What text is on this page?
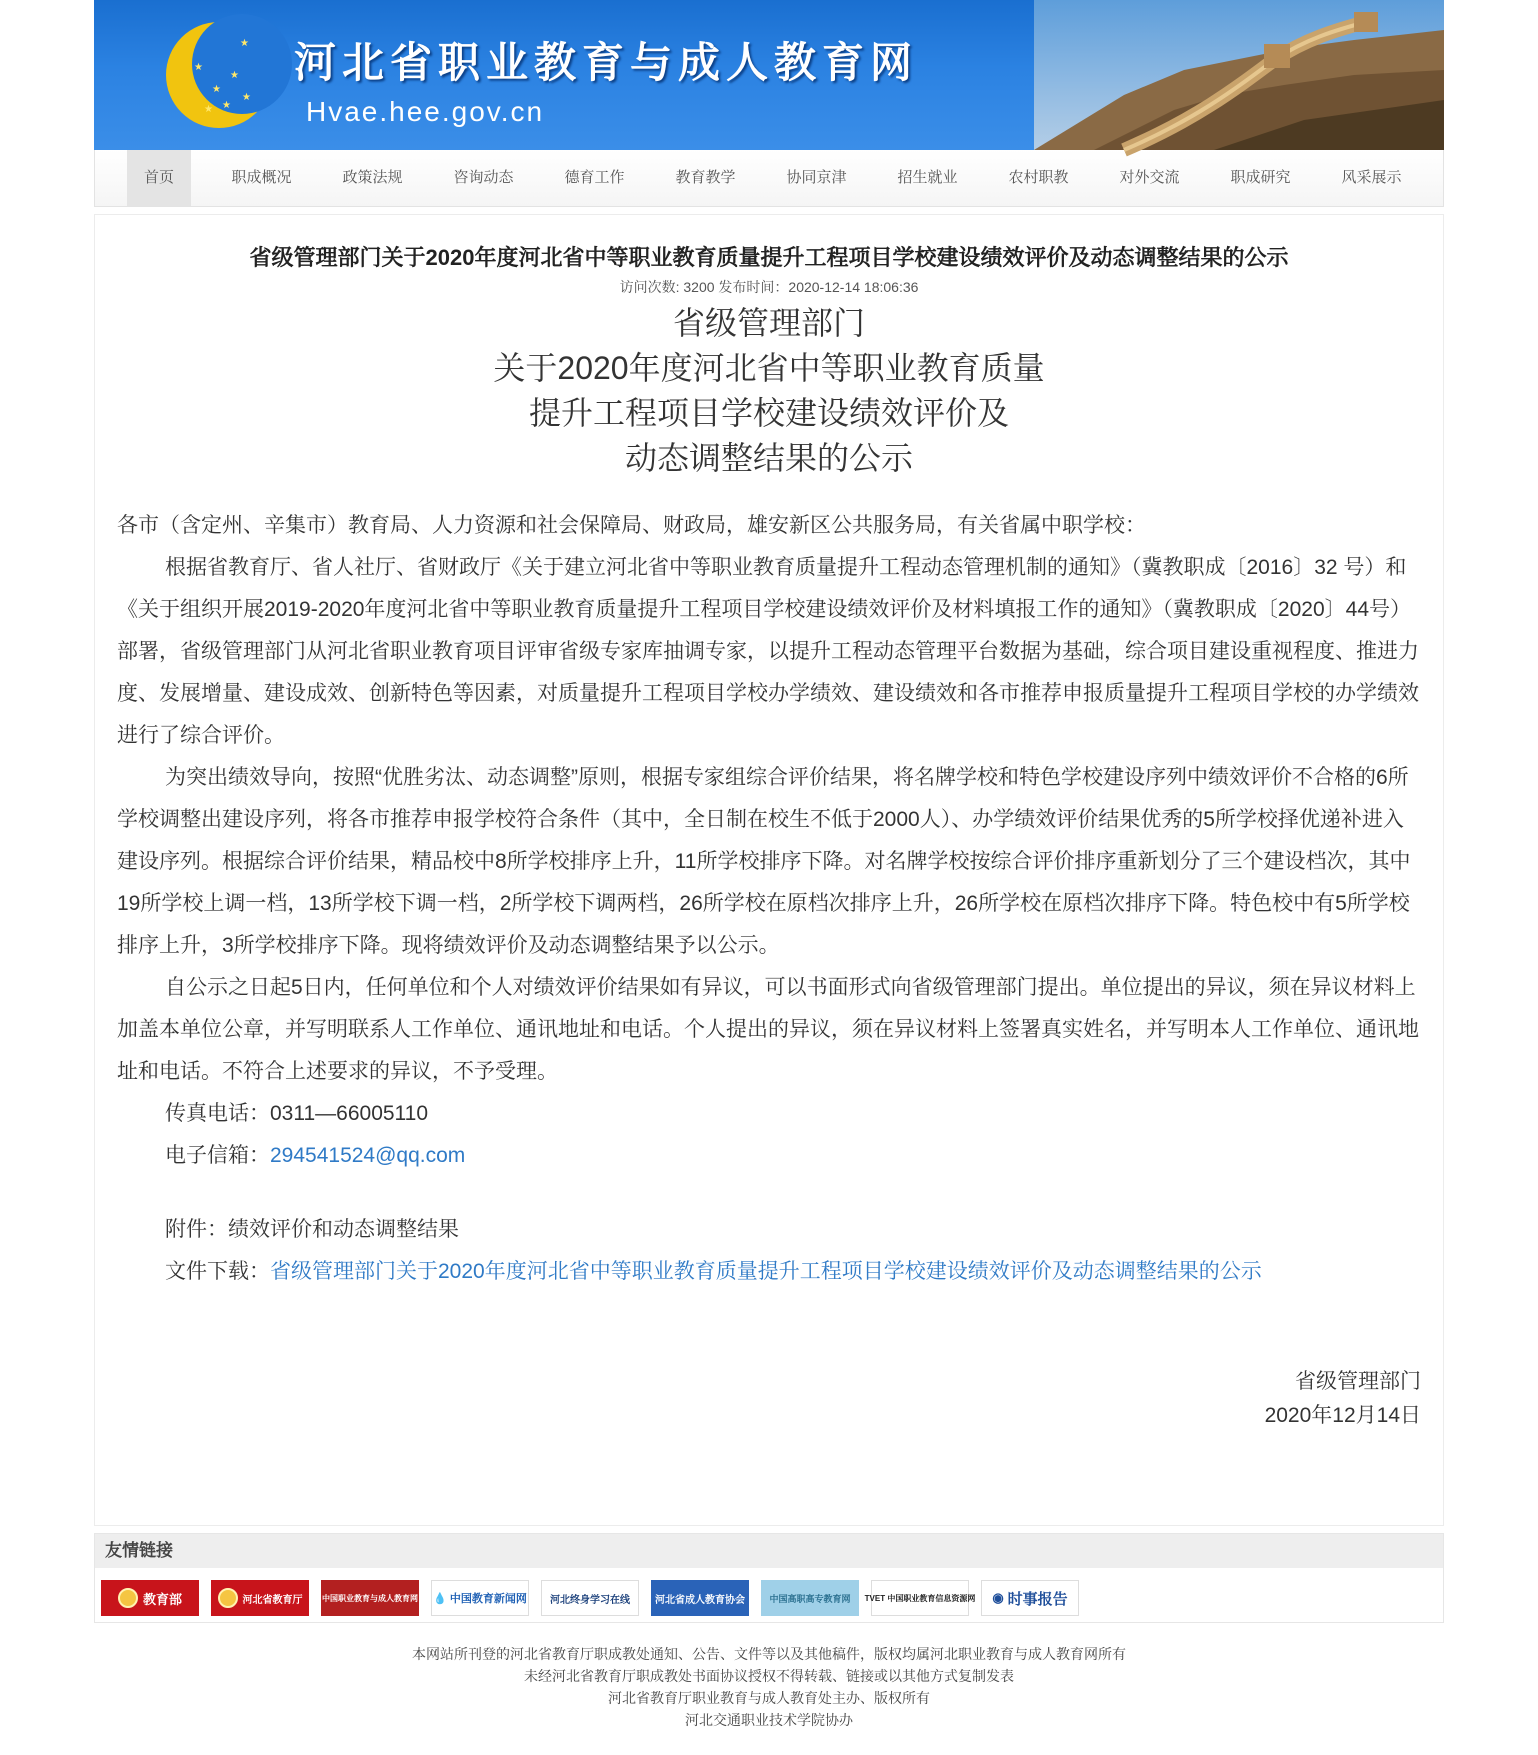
★
★
★
★
★
★
★ 河北省职业教育与成人教育网
Hvae.hee.gov.cn
首页	职成概况	政策法规	咨询动态	德育工作	教育教学	协同京津	招生就业	农村职教	对外交流	职成研究	风采展示
省级管理部门关于2020年度河北省中等职业教育质量提升工程项目学校建设绩效评价及动态调整结果的公示
访问次数: 3200 发布时间：2020-12-14 18:06:36
省级管理部门
关于2020年度河北省中等职业教育质量
提升工程项目学校建设绩效评价及
动态调整结果的公示

各市（含定州、辛集市）教育局、人力资源和社会保障局、财政局，雄安新区公共服务局，有关省属中职学校：

根据省教育厅、省人社厅、省财政厅《关于建立河北省中等职业教育质量提升工程动态管理机制的通知》（冀教职成〔2016〕32 号）和《关于组织开展2019-2020年度河北省中等职业教育质量提升工程项目学校建设绩效评价及材料填报工作的通知》（冀教职成〔2020〕44号）部署，省级管理部门从河北省职业教育项目评审省级专家库抽调专家，以提升工程动态管理平台数据为基础，综合项目建设重视程度、推进力度、发展增量、建设成效、创新特色等因素，对质量提升工程项目学校办学绩效、建设绩效和各市推荐申报质量提升工程项目学校的办学绩效进行了综合评价。

为突出绩效导向，按照“优胜劣汰、动态调整”原则，根据专家组综合评价结果，将名牌学校和特色学校建设序列中绩效评价不合格的6所学校调整出建设序列，将各市推荐申报学校符合条件（其中，全日制在校生不低于2000人）、办学绩效评价结果优秀的5所学校择优递补进入建设序列。根据综合评价结果，精品校中8所学校排序上升，11所学校排序下降。对名牌学校按综合评价排序重新划分了三个建设档次，其中19所学校上调一档，13所学校下调一档，2所学校下调两档，26所学校在原档次排序上升，26所学校在原档次排序下降。特色校中有5所学校排序上升，3所学校排序下降。现将绩效评价及动态调整结果予以公示。

自公示之日起5日内，任何单位和个人对绩效评价结果如有异议，可以书面形式向省级管理部门提出。单位提出的异议，须在异议材料上加盖本单位公章，并写明联系人工作单位、通讯地址和电话。个人提出的异议，须在异议材料上签署真实姓名，并写明本人工作单位、通讯地址和电话。不符合上述要求的异议，不予受理。

传真电话：0311—66005110

电子信箱：294541524@qq.com

附件：绩效评价和动态调整结果

文件下载：省级管理部门关于2020年度河北省中等职业教育质量提升工程项目学校建设绩效评价及动态调整结果的公示

省级管理部门
2020年12月14日
友情链接
教育部	河北省教育厅 中国职业教育与成人教育网 💧 中国教育新闻网 河北终身学习在线	河北省成人教育协会	中国高职高专教育网 TVET 中国职业教育信息资源网 ◉ 时事报告
本网站所刊登的河北省教育厅职成教处通知、公告、文件等以及其他稿件，版权均属河北职业教育与成人教育网所有
未经河北省教育厅职成教处书面协议授权不得转载、链接或以其他方式复制发表
河北省教育厅职业教育与成人教育处主办、版权所有
河北交通职业技术学院协办
